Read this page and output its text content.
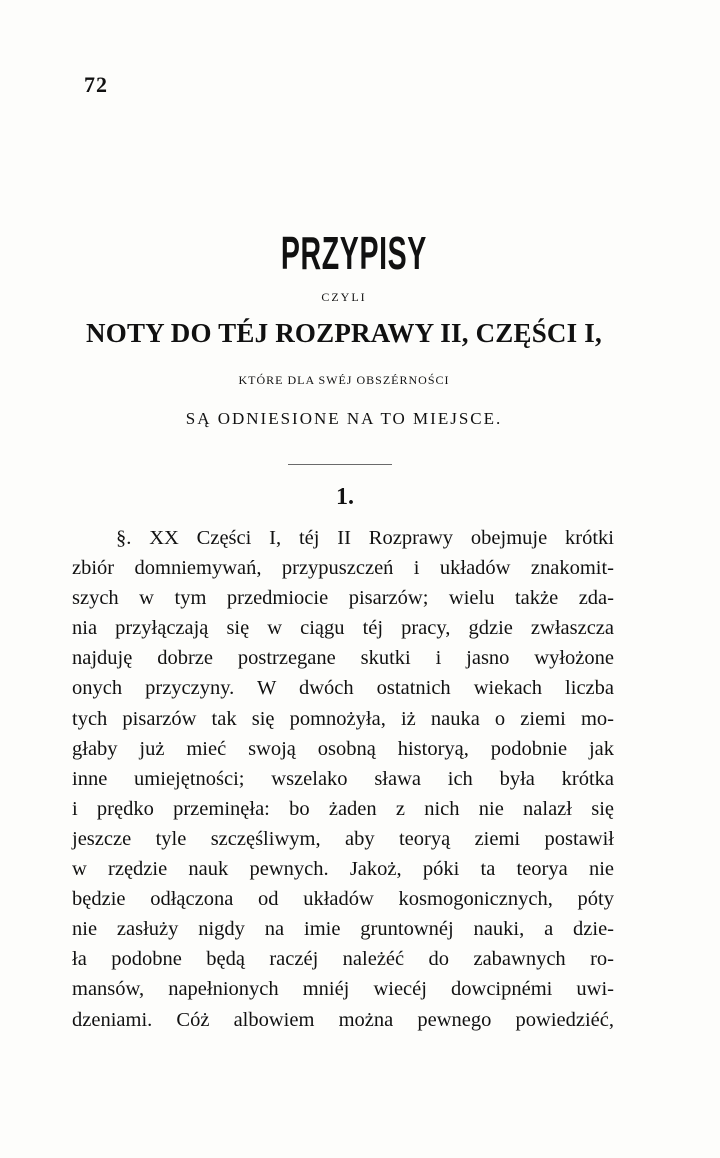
72
PRZYPISY
CZYLI
NOTY DO TÉJ ROZPRAWY II, CZĘŚCI I,
KTÓRE DLA SWÉJ OBSZÉRNOŚCI
SĄ ODNIESIONE NA TO MIEJSCE.
1.
§. XX Części I, téj II Rozprawy obejmuje krótki
zbiór domniemywań, przypuszczeń i układów znakomit-
szych w tym przedmiocie pisarzów; wielu także zda-
nia przyłączają się w ciągu téj pracy, gdzie zwłaszcza
najduję dobrze postrzegane skutki i jasno wyłożone
onych przyczyny. W dwóch ostatnich wiekach liczba
tych pisarzów tak się pomnożyła, iż nauka o ziemi mo-
głaby już mieć swoją osobną historyą, podobnie jak
inne umiejętności; wszelako sława ich była krótka
i prędko przeminęła: bo żaden z nich nie nalazł się
jeszcze tyle szczęśliwym, aby teoryą ziemi postawił
w rzędzie nauk pewnych. Jakoż, póki ta teorya nie
będzie odłączona od układów kosmogonicznych, póty
nie zasłuży nigdy na imie gruntownéj nauki, a dzie-
ła podobne będą raczéj należéć do zabawnych ro-
mansów, napełnionych mniéj wiecéj dowcipnémi uwi-
dzeniami. Cóż albowiem można pewnego powiedziéć,
